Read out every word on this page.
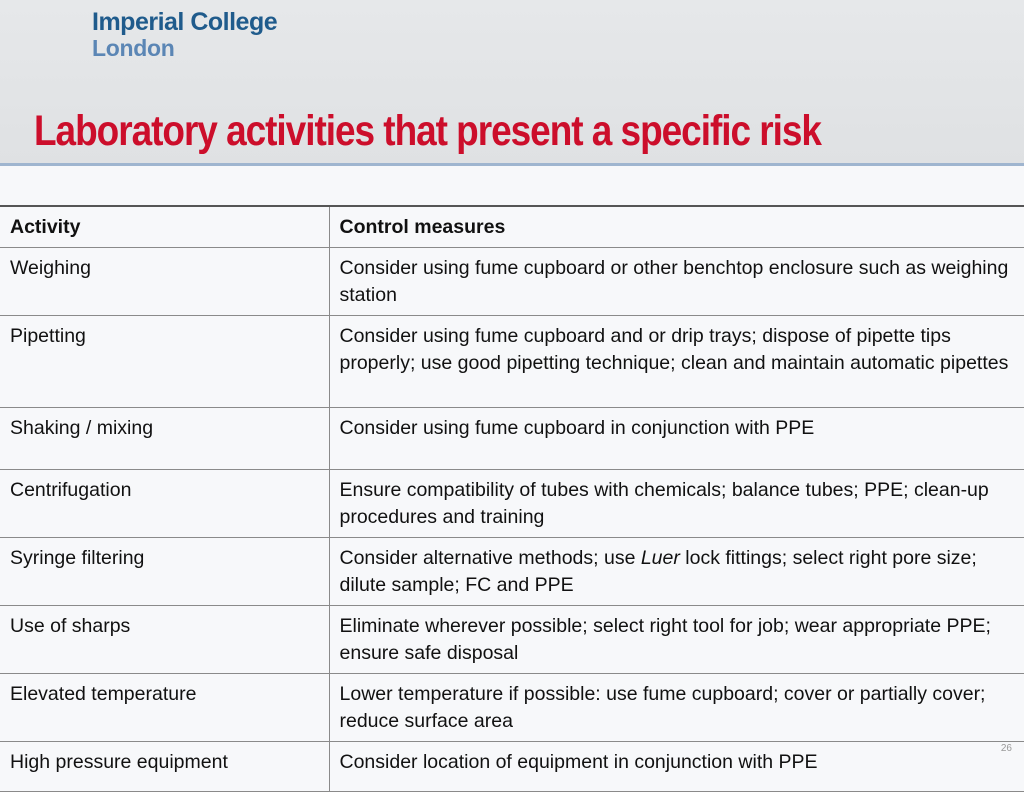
Imperial College
London
Laboratory activities that present a specific risk
Activity	Control measures
Weighing	Consider using fume cupboard or other benchtop enclosure such as weighing station
Pipetting	Consider using fume cupboard and or drip trays; dispose of pipette tips properly; use good pipetting technique; clean and maintain automatic pipettes
Shaking / mixing	Consider using fume cupboard in conjunction with PPE
Centrifugation	Ensure compatibility of tubes with chemicals; balance tubes; PPE; clean-up procedures and training
Syringe filtering	Consider alternative methods; use Luer lock fittings; select right pore size; dilute sample; FC and PPE
Use of sharps	Eliminate wherever possible; select right tool for job; wear appropriate PPE; ensure safe disposal
Elevated temperature	Lower temperature if possible: use fume cupboard; cover or partially cover; reduce surface area
High pressure equipment	Consider location of equipment in conjunction with PPE
26
